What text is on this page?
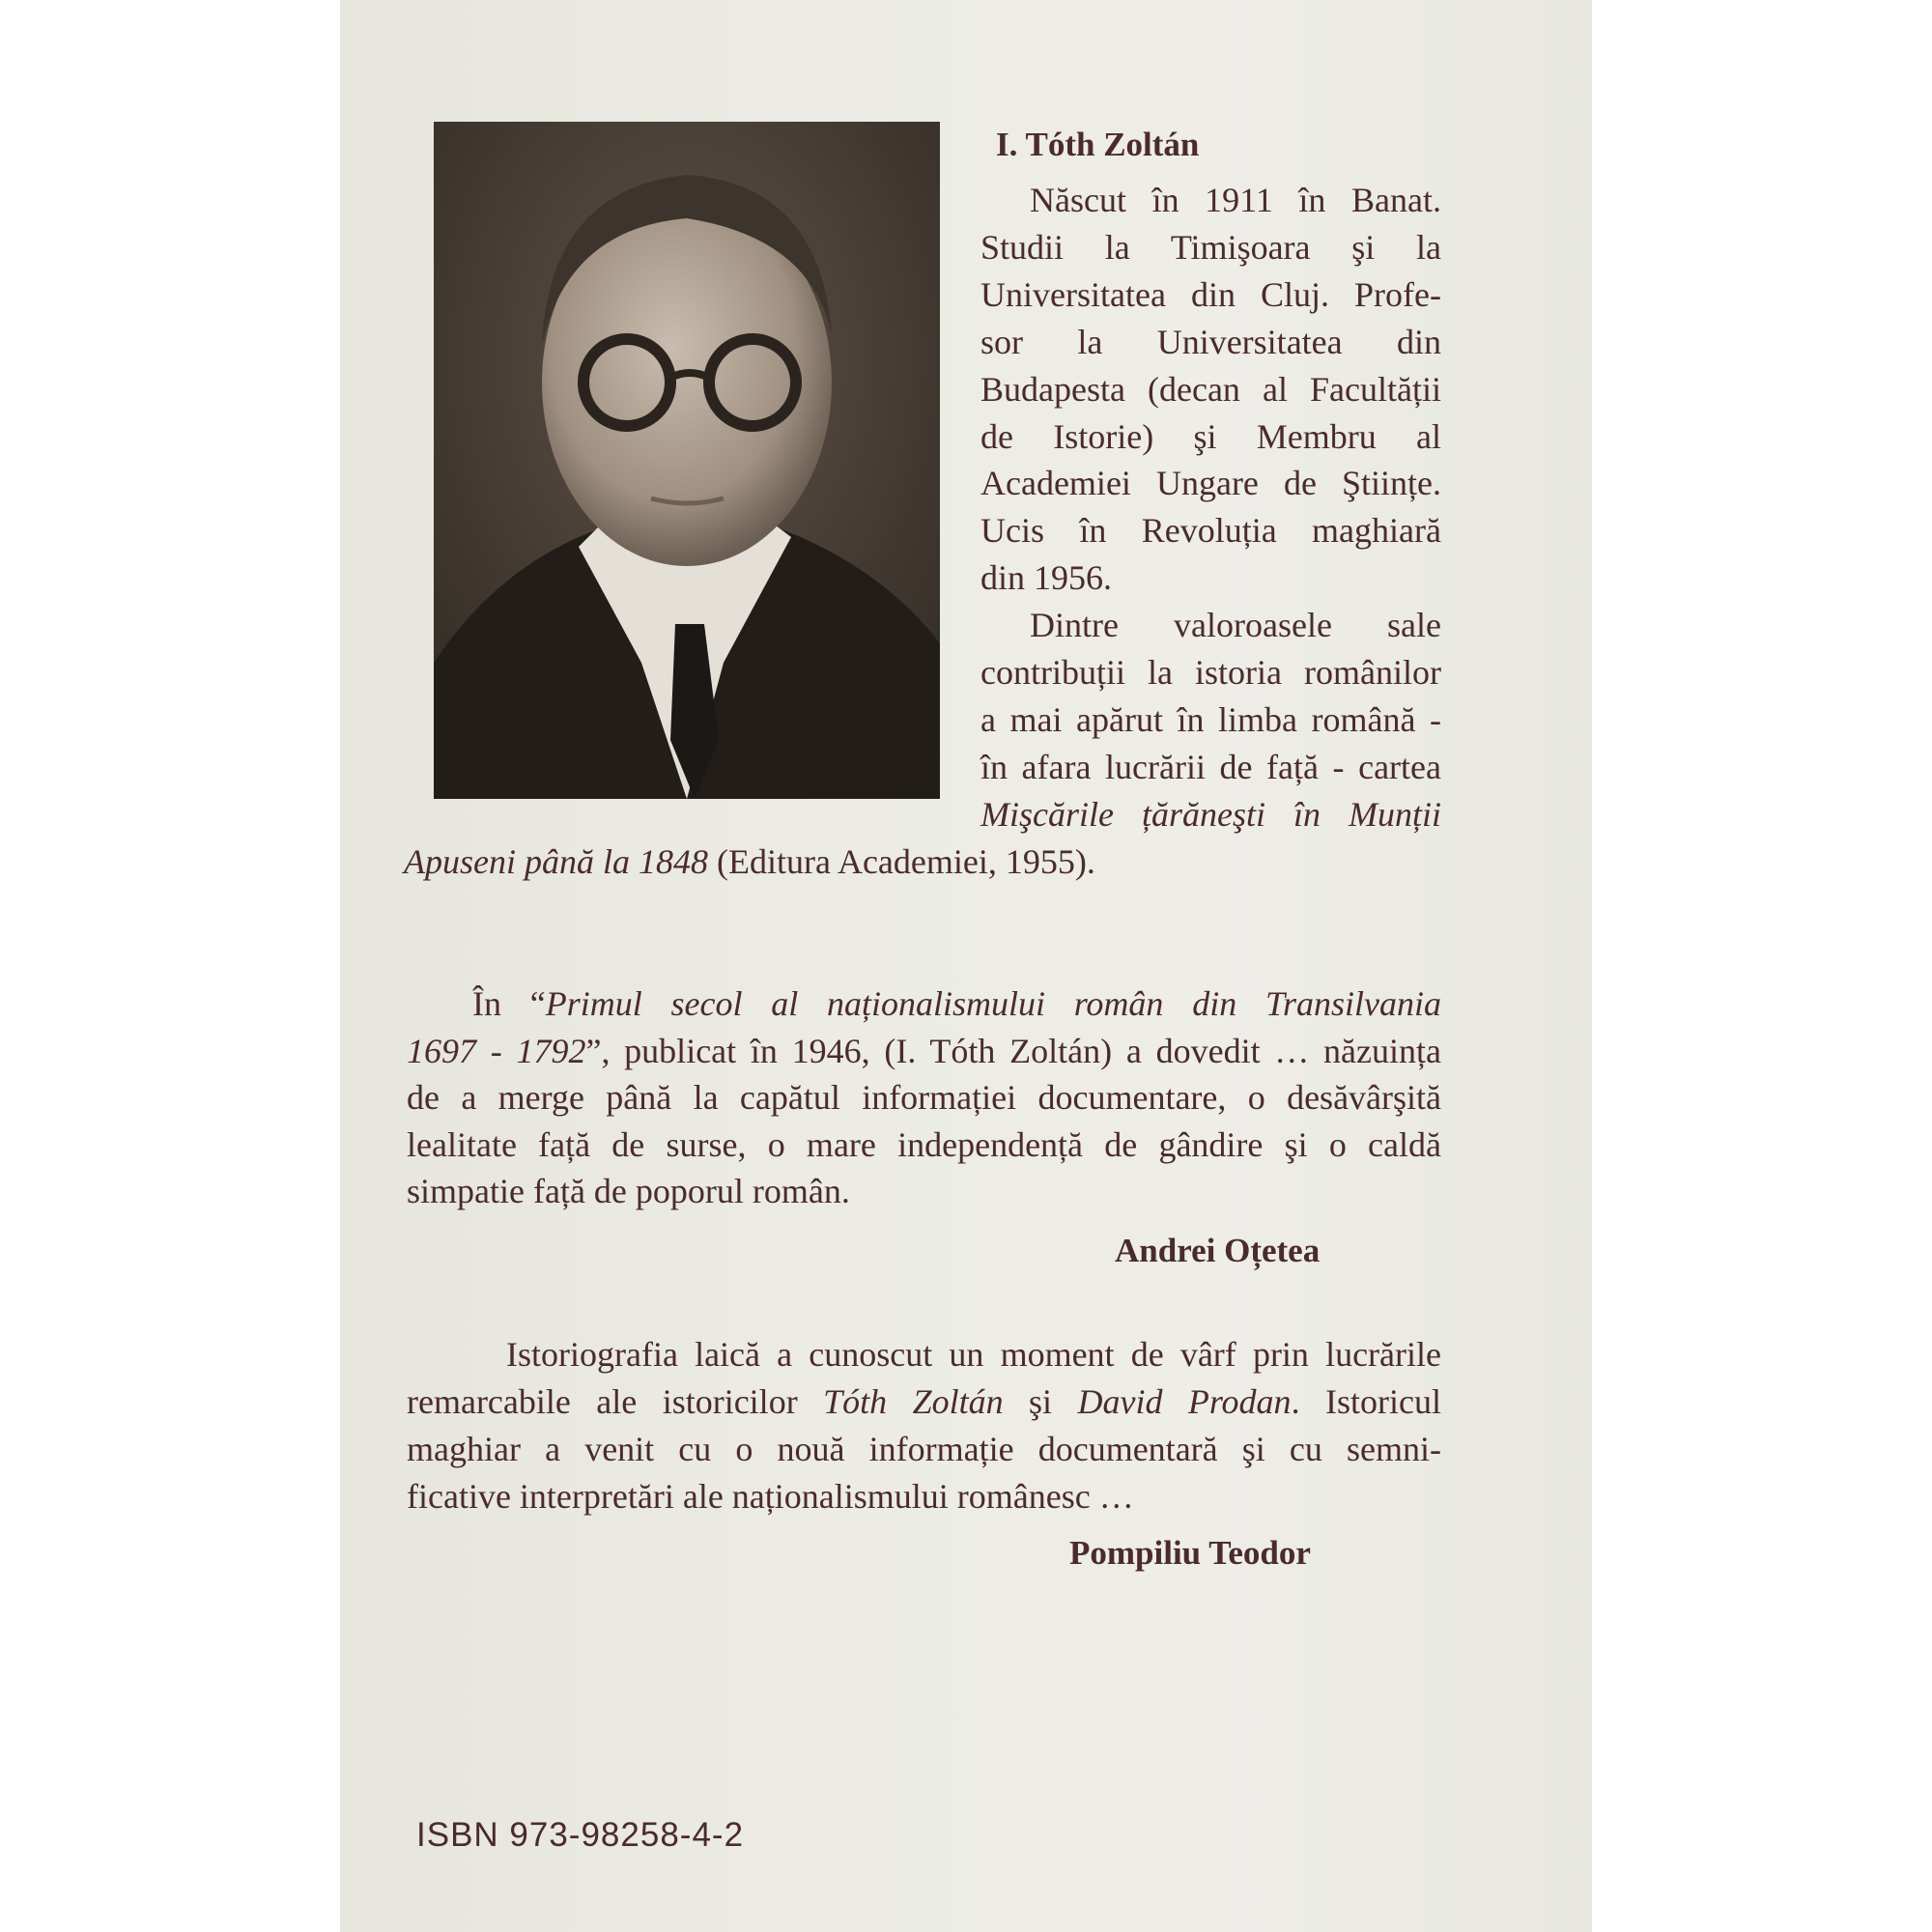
I. Tóth Zoltán
Născut în 1911 în Banat.
Studii la Timişoara şi la
Universitatea din Cluj. Profe-
sor la Universitatea din
Budapesta (decan al Facultății
de Istorie) şi Membru al
Academiei Ungare de Ştiințe.
Ucis în Revoluția maghiară
din 1956.
Dintre valoroasele sale
contribuții la istoria românilor
a mai apărut în limba română -
în afara lucrării de față - cartea
Mişcările țărăneşti în Munții
Apuseni până la 1848 (Editura Academiei, 1955).
În “Primul secol al naționalismului român din Transilvania
1697 - 1792”, publicat în 1946, (I. Tóth Zoltán) a dovedit … năzuința
de a merge până la capătul informației documentare, o desăvârşită
lealitate față de surse, o mare independență de gândire şi o caldă
simpatie față de poporul român.
Andrei Oțetea
Istoriografia laică a cunoscut un moment de vârf prin lucrările
remarcabile ale istoricilor Tóth Zoltán şi David Prodan. Istoricul
maghiar a venit cu o nouă informație documentară şi cu semni-
ficative interpretări ale naționalismului românesc …
Pompiliu Teodor
ISBN 973-98258-4-2
